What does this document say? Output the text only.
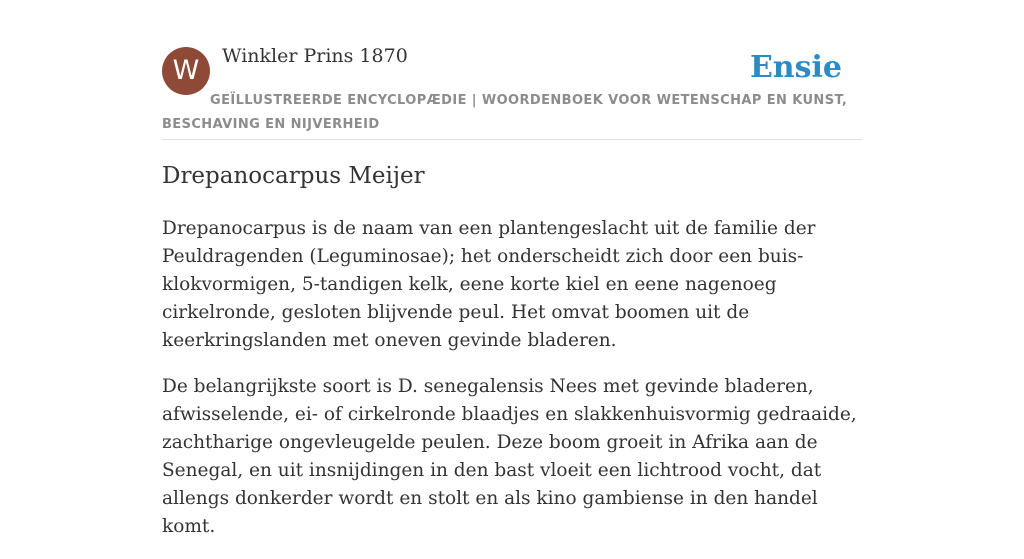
W	Winkler Prins 1870	Ensie
GEÏLLUSTREERDE ENCYCLOPÆDIE | WOORDENBOEK VOOR WETENSCHAP EN KUNST, BESCHAVING EN NIJVERHEID
Drepanocarpus Meijer

Drepanocarpus is de naam van een plantengeslacht uit de familie der Peuldragenden (Leguminosae); het onderscheidt zich door een buis-klokvormigen, 5-tandigen kelk, eene korte kiel en eene nagenoeg cirkelronde, gesloten blijvende peul. Het omvat boomen uit de keerkringslanden met oneven gevinde bladeren.

De belangrijkste soort is D. senegalensis Nees met gevinde bladeren, afwisselende, ei- of cirkelronde blaadjes en slakkenhuisvormig gedraaide, zachtharige ongevleugelde peulen. Deze boom groeit in Afrika aan de Senegal, en uit insnijdingen in den bast vloeit een lichtrood vocht, dat allengs donkerder wordt en stolt en als kino gambiense in den handel komt.
